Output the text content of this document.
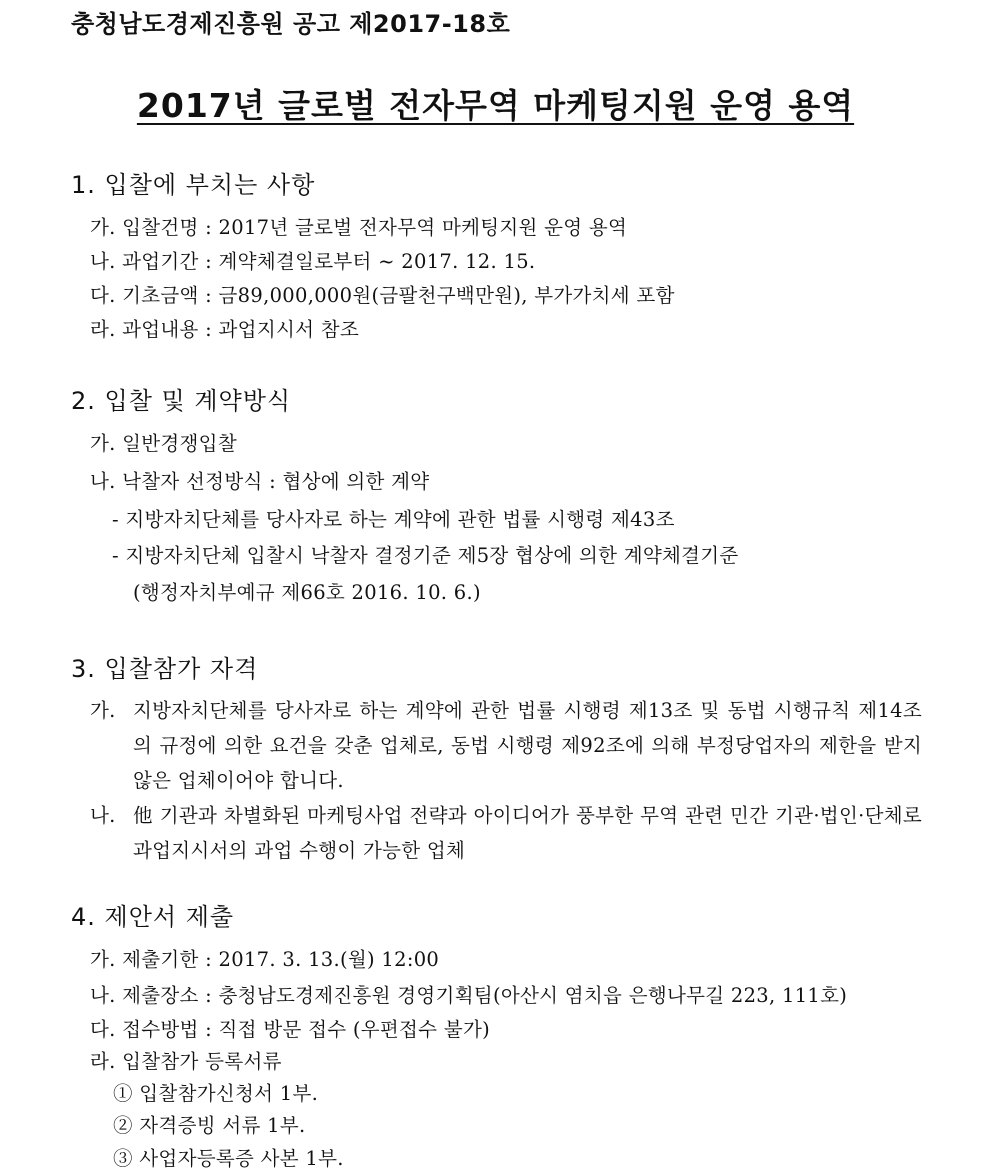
충청남도경제진흥원 공고 제2017-18호
2017년 글로벌 전자무역 마케팅지원 운영 용역
1. 입찰에 부치는 사항
가. 입찰건명 : 2017년 글로벌 전자무역 마케팅지원 운영 용역
나. 과업기간 : 계약체결일로부터 ~ 2017. 12. 15.
다. 기초금액 : 금89,000,000원(금팔천구백만원), 부가가치세 포함
라. 과업내용 : 과업지시서 참조
2. 입찰 및 계약방식
가. 일반경쟁입찰
나. 낙찰자 선정방식 : 협상에 의한 계약
- 지방자치단체를 당사자로 하는 계약에 관한 법률 시행령 제43조
- 지방자치단체 입찰시 낙찰자 결정기준 제5장 협상에 의한 계약체결기준
(행정자치부예규 제66호 2016. 10. 6.)
3. 입찰참가 자격
가. 지방자치단체를 당사자로 하는 계약에 관한 법률 시행령 제13조 및 동법 시행규칙 제14조의 규정에 의한 요건을 갖춘 업체로, 동법 시행령 제92조에 의해 부정당업자의 제한을 받지 않은 업체이어야 합니다.
나. 他 기관과 차별화된 마케팅사업 전략과 아이디어가 풍부한 무역 관련 민간 기관·법인·단체로 과업지시서의 과업 수행이 가능한 업체
4. 제안서 제출
가. 제출기한 : 2017. 3. 13.(월) 12:00
나. 제출장소 : 충청남도경제진흥원 경영기획팀(아산시 염치읍 은행나무길 223, 111호)
다. 접수방법 : 직접 방문 접수 (우편접수 불가)
라. 입찰참가 등록서류
① 입찰참가신청서 1부.
② 자격증빙 서류 1부.
③ 사업자등록증 사본 1부.
